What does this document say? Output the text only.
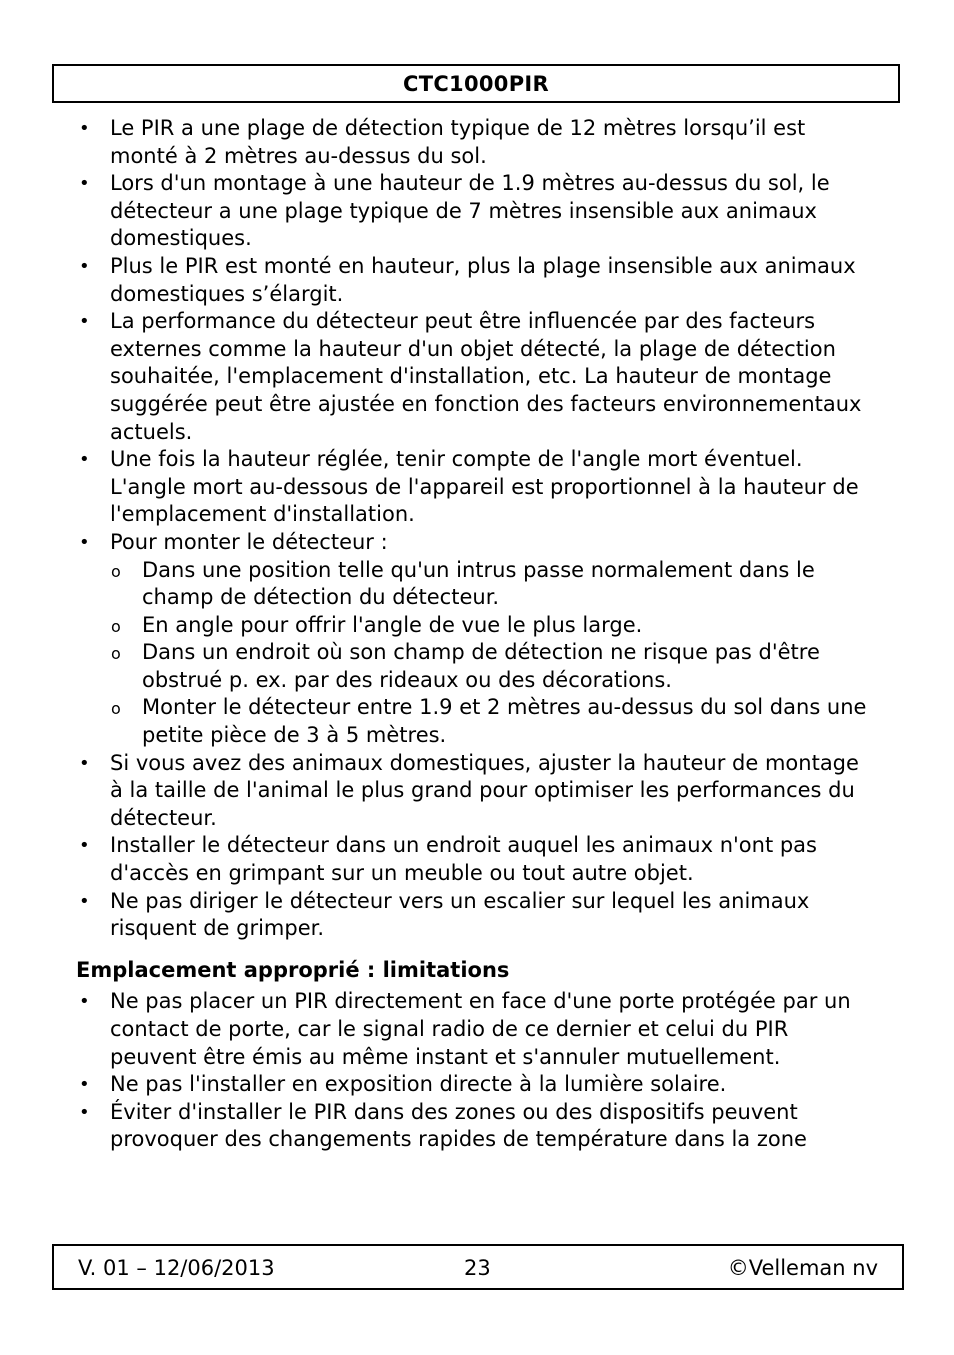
CTC1000PIR
• Le PIR a une plage de détection typique de 12 mètres lorsqu’il est monté à 2 mètres au-dessus du sol.
• Lors d'un montage à une hauteur de 1.9 mètres au-dessus du sol, le détecteur a une plage typique de 7 mètres insensible aux animaux domestiques.
• Plus le PIR est monté en hauteur, plus la plage insensible aux animaux domestiques s’élargit.
• La performance du détecteur peut être influencée par des facteurs externes comme la hauteur d'un objet détecté, la plage de détection souhaitée, l'emplacement d'installation, etc. La hauteur de montage suggérée peut être ajustée en fonction des facteurs environnementaux actuels.
• Une fois la hauteur réglée, tenir compte de l'angle mort éventuel. L'angle mort au-dessous de l'appareil est proportionnel à la hauteur de l'emplacement d'installation.
• Pour monter le détecteur :
o Dans une position telle qu'un intrus passe normalement dans le champ de détection du détecteur.
o En angle pour offrir l'angle de vue le plus large.
o Dans un endroit où son champ de détection ne risque pas d'être obstrué p. ex. par des rideaux ou des décorations.
o Monter le détecteur entre 1.9 et 2 mètres au-dessus du sol dans une petite pièce de 3 à 5 mètres.
• Si vous avez des animaux domestiques, ajuster la hauteur de montage à la taille de l'animal le plus grand pour optimiser les performances du détecteur.
• Installer le détecteur dans un endroit auquel les animaux n'ont pas d'accès en grimpant sur un meuble ou tout autre objet.
• Ne pas diriger le détecteur vers un escalier sur lequel les animaux risquent de grimper.
Emplacement approprié : limitations
• Ne pas placer un PIR directement en face d'une porte protégée par un contact de porte, car le signal radio de ce dernier et celui du PIR peuvent être émis au même instant et s'annuler mutuellement.
• Ne pas l'installer en exposition directe à la lumière solaire.
• Éviter d'installer le PIR dans des zones ou des dispositifs peuvent provoquer des changements rapides de température dans la zone
V. 01 – 12/06/2013	23	©Velleman nv
